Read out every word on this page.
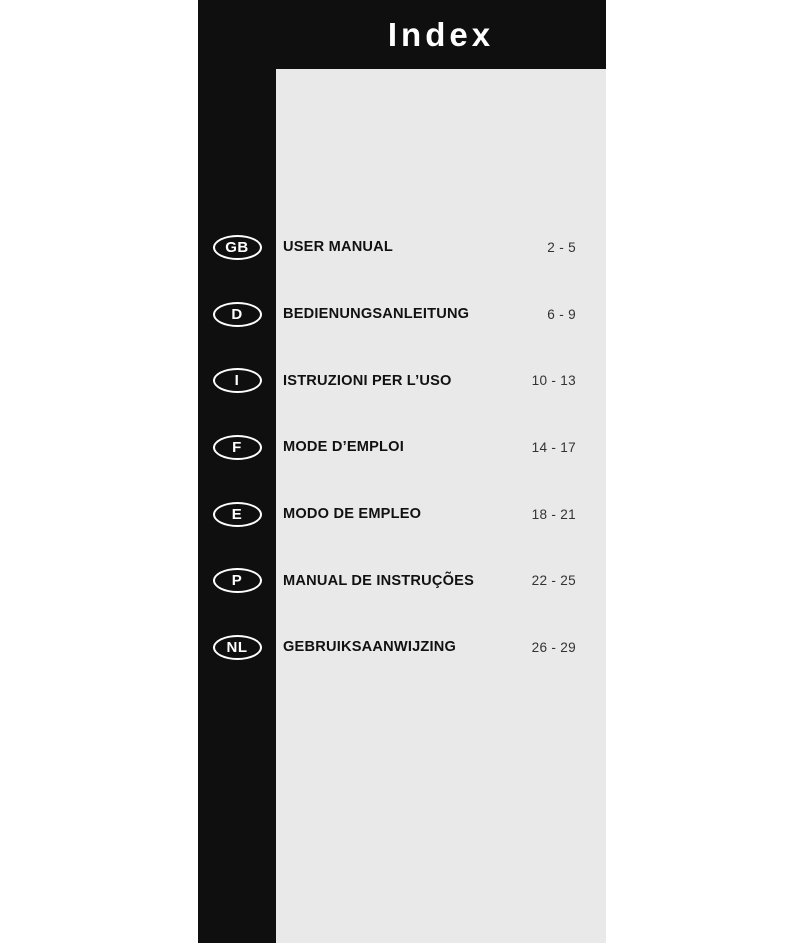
Index
GB	USER MANUAL	2 - 5
D	BEDIENUNGSANLEITUNG	6 - 9
I	ISTRUZIONI PER L’USO	10 - 13
F	MODE D’EMPLOI	14 - 17
E	MODO DE EMPLEO	18 - 21
P	MANUAL DE INSTRUÇÕES	22 - 25
NL	GEBRUIKSAANWIJZING	26 - 29
